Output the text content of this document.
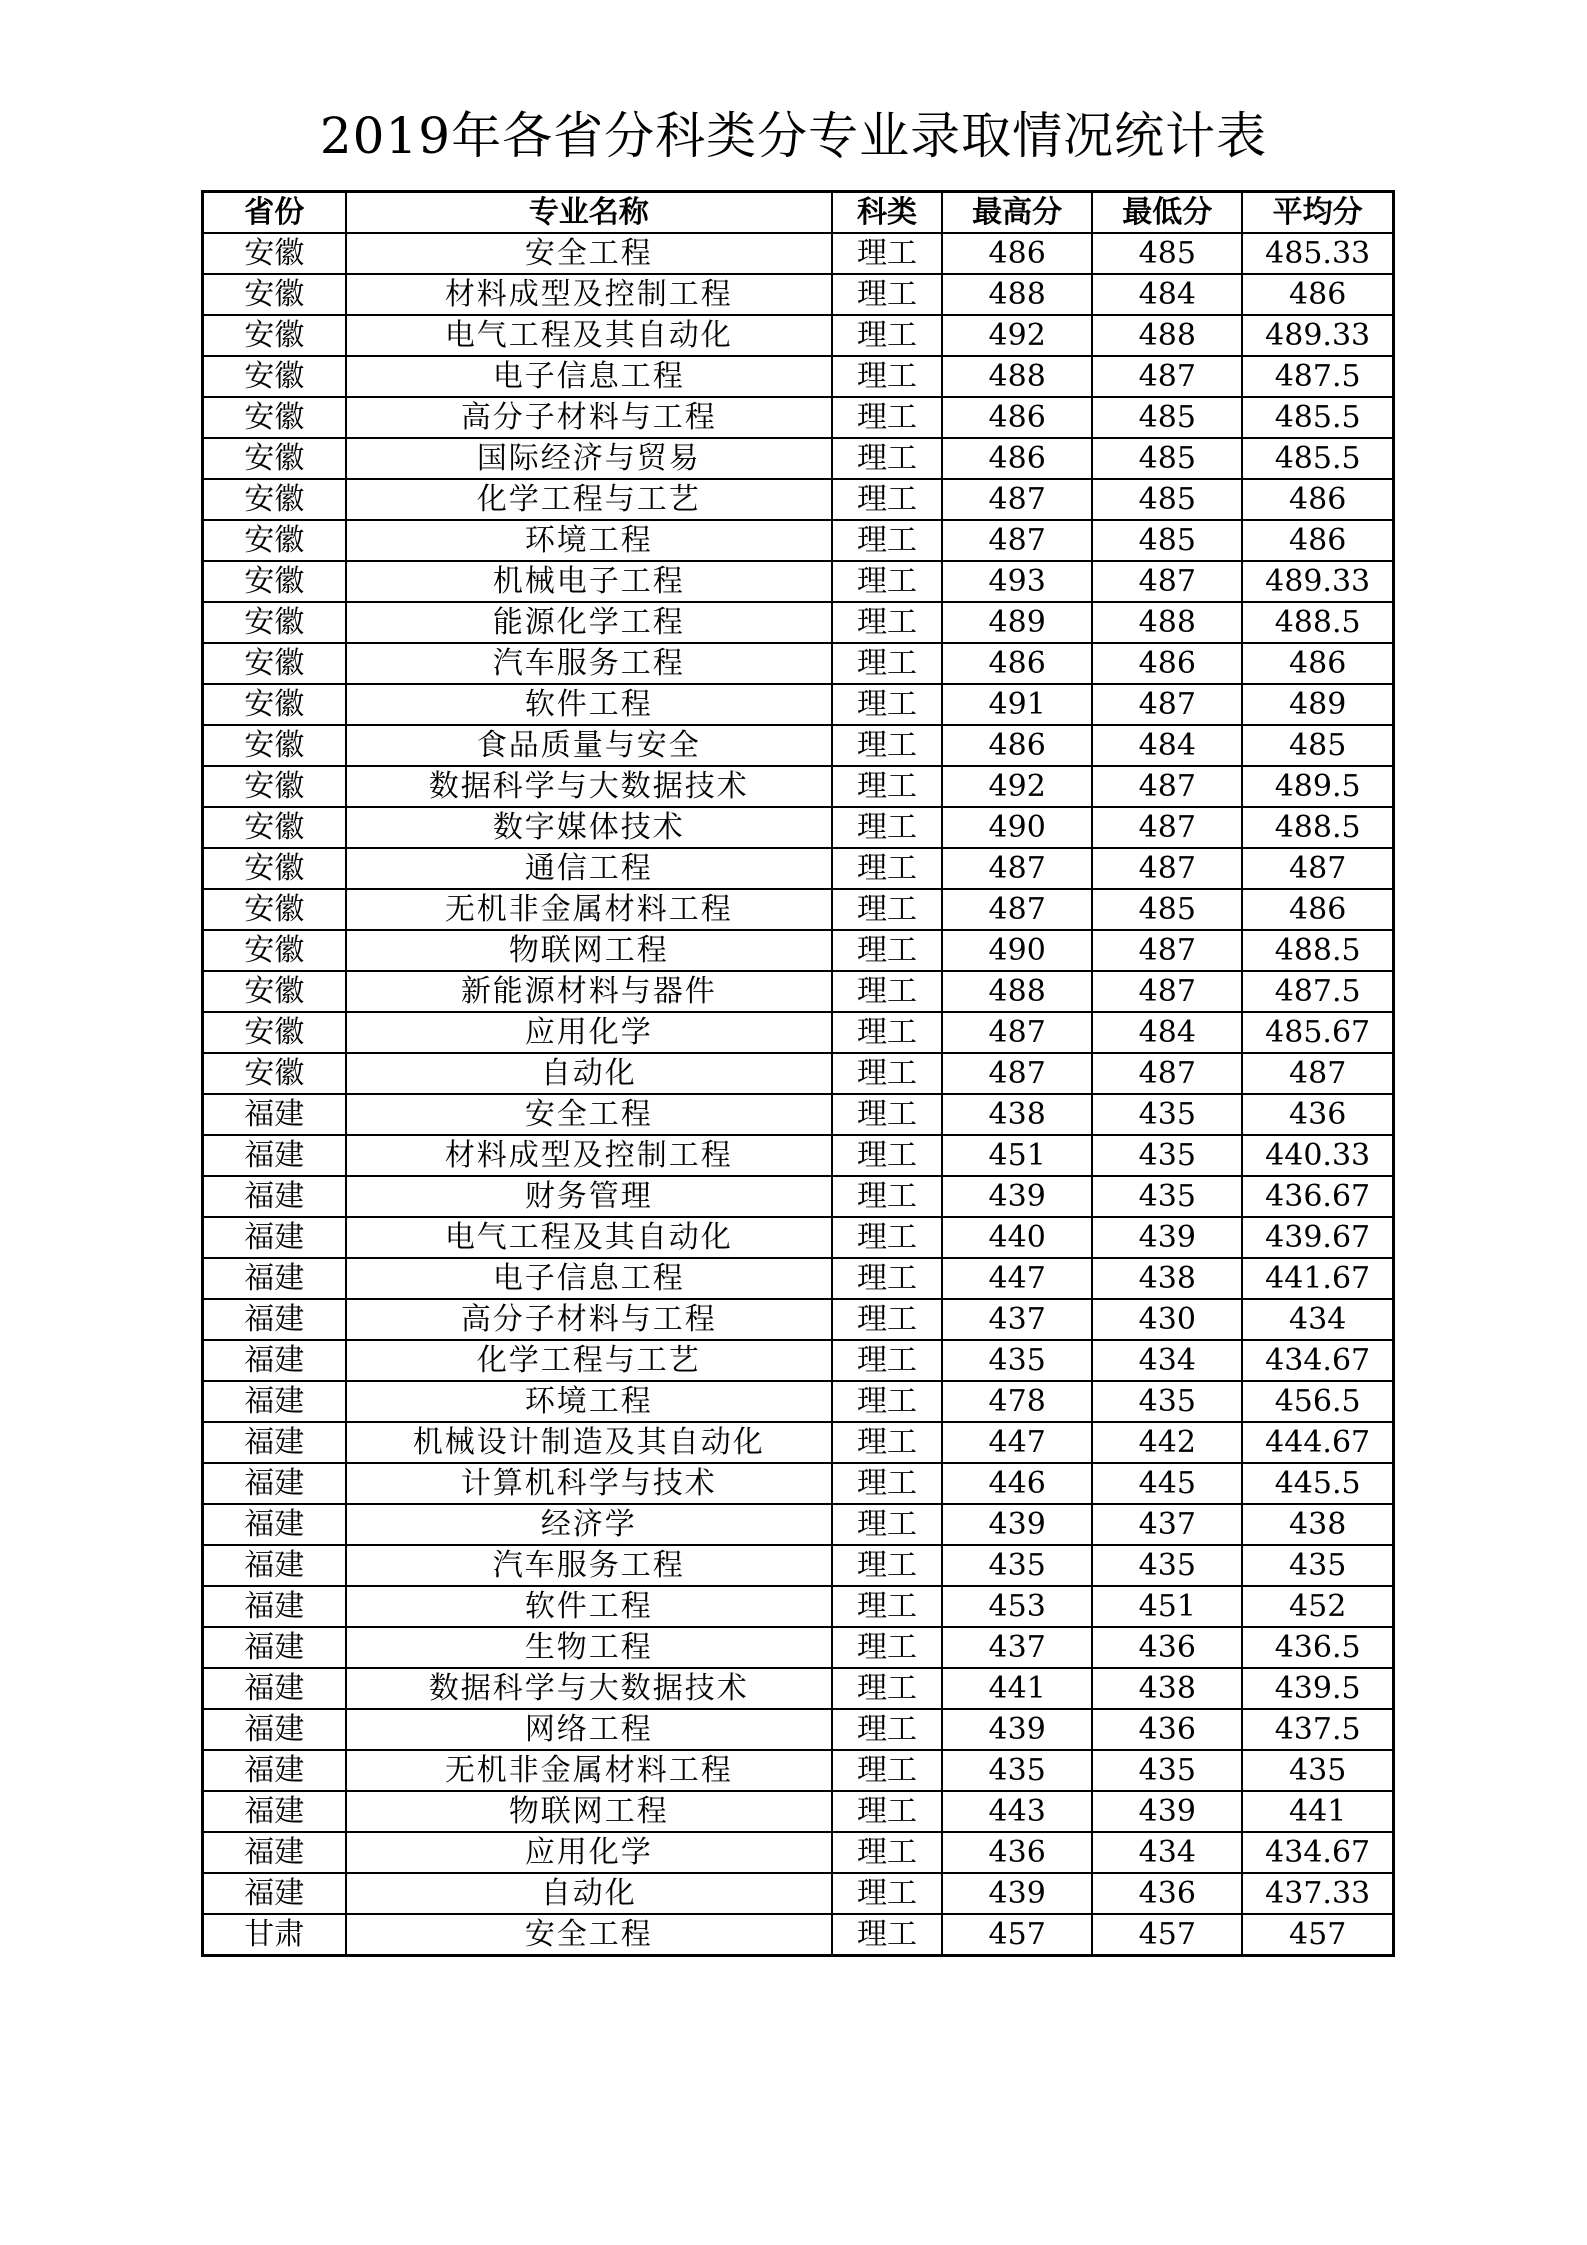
2019年各省分科类分专业录取情况统计表
省份	专业名称	科类	最高分	最低分	平均分
安徽	安全工程	理工	486	485	485.33
安徽	材料成型及控制工程	理工	488	484	486
安徽	电气工程及其自动化	理工	492	488	489.33
安徽	电子信息工程	理工	488	487	487.5
安徽	高分子材料与工程	理工	486	485	485.5
安徽	国际经济与贸易	理工	486	485	485.5
安徽	化学工程与工艺	理工	487	485	486
安徽	环境工程	理工	487	485	486
安徽	机械电子工程	理工	493	487	489.33
安徽	能源化学工程	理工	489	488	488.5
安徽	汽车服务工程	理工	486	486	486
安徽	软件工程	理工	491	487	489
安徽	食品质量与安全	理工	486	484	485
安徽	数据科学与大数据技术	理工	492	487	489.5
安徽	数字媒体技术	理工	490	487	488.5
安徽	通信工程	理工	487	487	487
安徽	无机非金属材料工程	理工	487	485	486
安徽	物联网工程	理工	490	487	488.5
安徽	新能源材料与器件	理工	488	487	487.5
安徽	应用化学	理工	487	484	485.67
安徽	自动化	理工	487	487	487
福建	安全工程	理工	438	435	436
福建	材料成型及控制工程	理工	451	435	440.33
福建	财务管理	理工	439	435	436.67
福建	电气工程及其自动化	理工	440	439	439.67
福建	电子信息工程	理工	447	438	441.67
福建	高分子材料与工程	理工	437	430	434
福建	化学工程与工艺	理工	435	434	434.67
福建	环境工程	理工	478	435	456.5
福建	机械设计制造及其自动化	理工	447	442	444.67
福建	计算机科学与技术	理工	446	445	445.5
福建	经济学	理工	439	437	438
福建	汽车服务工程	理工	435	435	435
福建	软件工程	理工	453	451	452
福建	生物工程	理工	437	436	436.5
福建	数据科学与大数据技术	理工	441	438	439.5
福建	网络工程	理工	439	436	437.5
福建	无机非金属材料工程	理工	435	435	435
福建	物联网工程	理工	443	439	441
福建	应用化学	理工	436	434	434.67
福建	自动化	理工	439	436	437.33
甘肃	安全工程	理工	457	457	457
